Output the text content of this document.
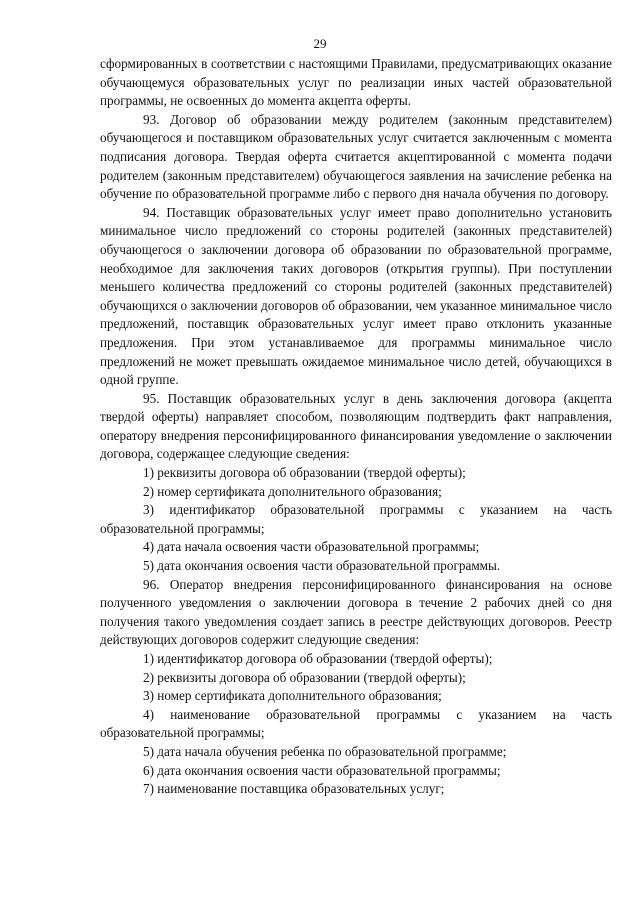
29

сформированных в соответствии с настоящими Правилами, предусматривающих оказание обучающемуся образовательных услуг по реализации иных частей образовательной программы, не освоенных до момента акцепта оферты.

93. Договор об образовании между родителем (законным представителем) обучающегося и поставщиком образовательных услуг считается заключенным с момента подписания договора. Твердая оферта считается акцептированной с момента подачи родителем (законным представителем) обучающегося заявления на зачисление ребенка на обучение по образовательной программе либо с первого дня начала обучения по договору.

94. Поставщик образовательных услуг имеет право дополнительно установить минимальное число предложений со стороны родителей (законных представителей) обучающегося о заключении договора об образовании по образовательной программе, необходимое для заключения таких договоров (открытия группы). При поступлении меньшего количества предложений со стороны родителей (законных представителей) обучающихся о заключении договоров об образовании, чем указанное минимальное число предложений, поставщик образовательных услуг имеет право отклонить указанные предложения. При этом устанавливаемое для программы минимальное число предложений не может превышать ожидаемое минимальное число детей, обучающихся в одной группе.

95. Поставщик образовательных услуг в день заключения договора (акцепта твердой оферты) направляет способом, позволяющим подтвердить факт направления, оператору внедрения персонифицированного финансирования уведомление о заключении договора, содержащее следующие сведения:

1) реквизиты договора об образовании (твердой оферты);

2) номер сертификата дополнительного образования;

3) идентификатор образовательной программы с указанием на часть образовательной программы;

4) дата начала освоения части образовательной программы;

5) дата окончания освоения части образовательной программы.

96. Оператор внедрения персонифицированного финансирования на основе полученного уведомления о заключении договора в течение 2 рабочих дней со дня получения такого уведомления создает запись в реестре действующих договоров. Реестр действующих договоров содержит следующие сведения:

1) идентификатор договора об образовании (твердой оферты);

2) реквизиты договора об образовании (твердой оферты);

3) номер сертификата дополнительного образования;

4) наименование образовательной программы с указанием на часть образовательной программы;

5) дата начала обучения ребенка по образовательной программе;

6) дата окончания освоения части образовательной программы;

7) наименование поставщика образовательных услуг;
